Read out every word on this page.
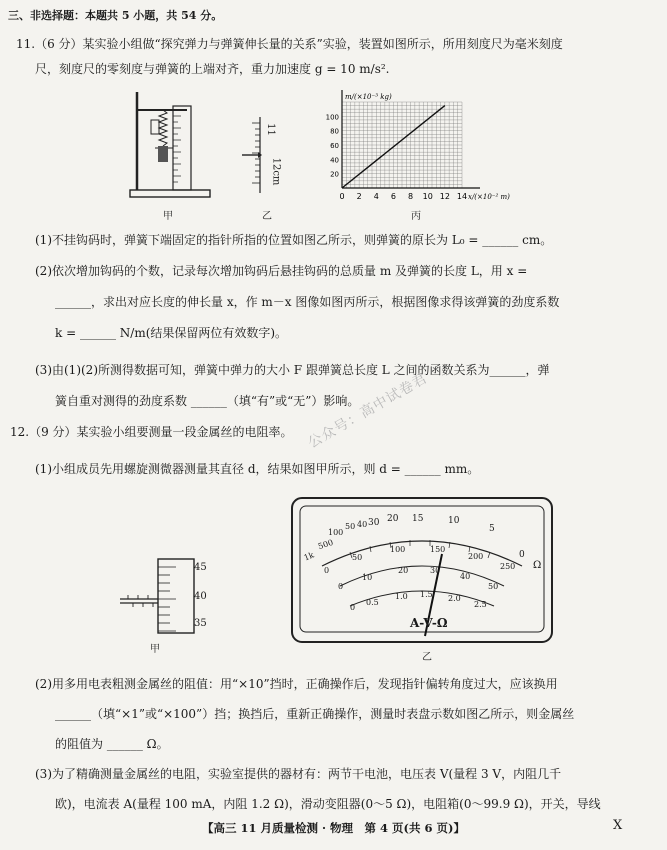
三、非选择题：本题共 5 小题，共 54 分。
11.（6 分）某实验小组做“探究弹力与弹簧伸长量的关系”实验，装置如图所示，所用刻度尺为毫米刻度
尺，刻度尺的零刻度与弹簧的上端对齐，重力加速度 g = 10 m/s².
甲
11
12cm
乙
0 2 4 6 8 10 12 14
20
40
60
80
100
m/(×10⁻³ kg)
x/(×10⁻² m)
丙
(1)不挂钩码时，弹簧下端固定的指针所指的位置如图乙所示，则弹簧的原长为 L₀ = ______ cm。
(2)依次增加钩码的个数，记录每次增加钩码后悬挂钩码的总质量 m 及弹簧的长度 L，用 x =
______，求出对应长度的伸长量 x，作 m－x 图像如图丙所示，根据图像求得该弹簧的劲度系数
k = ______ N/m(结果保留两位有效数字)。
(3)由(1)(2)所测得数据可知，弹簧中弹力的大小 F 跟弹簧总长度 L 之间的函数关系为______，弹
簧自重对测得的劲度系数 ______（填“有”或“无”）影响。
公众号：高中试卷君
12.（9 分）某实验小组要测量一段金属丝的电阻率。
(1)小组成员先用螺旋测微器测量其直径 d，结果如图甲所示，则 d = ______ mm。
45
40
35
甲
1k
500
100
50 40 30 20 15	10
5
0
Ω
0
50
100	150
200
250
0
10
20	30
40
50
0
0.5
1.0 1.5 2.0
2.5
A-V-Ω
乙
(2)用多用电表粗测金属丝的阻值：用“×10”挡时，正确操作后，发现指针偏转角度过大，应该换用
______（填“×1”或“×100”）挡；换挡后，重新正确操作，测量时表盘示数如图乙所示，则金属丝
的阻值为 ______ Ω。
(3)为了精确测量金属丝的电阻，实验室提供的器材有：两节干电池，电压表 V(量程 3 V，内阻几千
欧)，电流表 A(量程 100 mA，内阻 1.2 Ω)，滑动变阻器(0～5 Ω)，电阻箱(0～99.9 Ω)，开关，导线
【高三 11 月质量检测 · 物理　第 4 页(共 6 页)】	X
